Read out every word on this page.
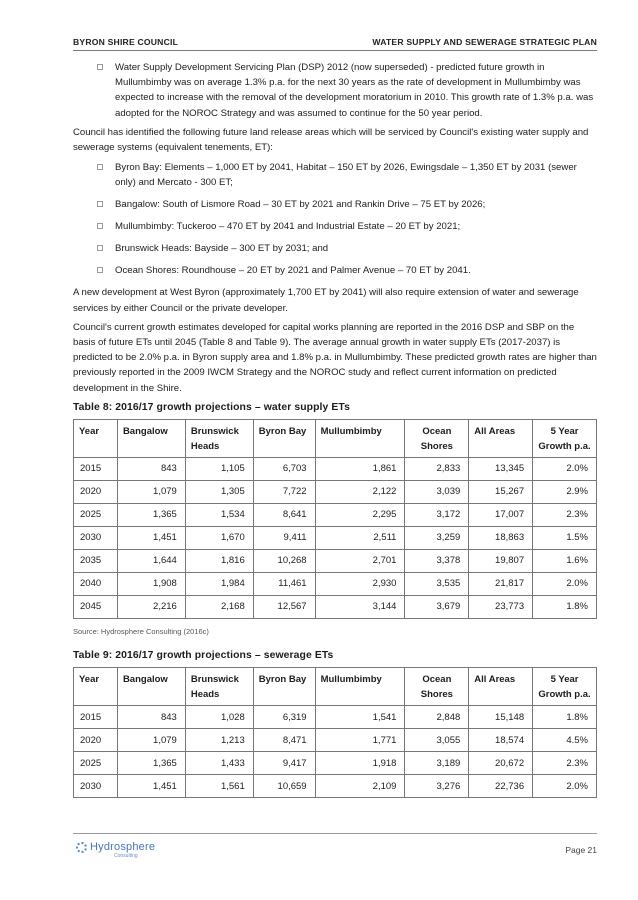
BYRON SHIRE COUNCIL	WATER SUPPLY AND SEWERAGE STRATEGIC PLAN
Water Supply Development Servicing Plan (DSP) 2012 (now superseded) - predicted future growth in Mullumbimby was on average 1.3% p.a. for the next 30 years as the rate of development in Mullumbimby was expected to increase with the removal of the development moratorium in 2010. This growth rate of 1.3% p.a. was adopted for the NOROC Strategy and was assumed to continue for the 50 year period.

Council has identified the following future land release areas which will be serviced by Council's existing water supply and sewerage systems (equivalent tenements, ET):

Byron Bay: Elements – 1,000 ET by 2041, Habitat – 150 ET by 2026, Ewingsdale – 1,350 ET by 2031 (sewer only) and Mercato - 300 ET;
Bangalow: South of Lismore Road – 30 ET by 2021 and Rankin Drive – 75 ET by 2026;
Mullumbimby: Tuckeroo – 470 ET by 2041 and Industrial Estate – 20 ET by 2021;
Brunswick Heads: Bayside – 300 ET by 2031; and
Ocean Shores: Roundhouse – 20 ET by 2021 and Palmer Avenue – 70 ET by 2041.

A new development at West Byron (approximately 1,700 ET by 2041) will also require extension of water and sewerage services by either Council or the private developer.

Council's current growth estimates developed for capital works planning are reported in the 2016 DSP and SBP on the basis of future ETs until 2045 (Table 8 and Table 9). The average annual growth in water supply ETs (2017-2037) is predicted to be 2.0% p.a. in Byron supply area and 1.8% p.a. in Mullumbimby. These predicted growth rates are higher than previously reported in the 2009 IWCM Strategy and the NOROC study and reflect current information on predicted development in the Shire.

Table 8: 2016/17 growth projections – water supply ETs
Year	Bangalow	Brunswick Heads	Byron Bay	Mullumbimby	Ocean Shores	All Areas	5 Year Growth p.a.
2015	843	1,105	6,703	1,861	2,833	13,345	2.0%
2020	1,079	1,305	7,722	2,122	3,039	15,267	2.9%
2025	1,365	1,534	8,641	2,295	3,172	17,007	2.3%
2030	1,451	1,670	9,411	2,511	3,259	18,863	1.5%
2035	1,644	1,816	10,268	2,701	3,378	19,807	1.6%
2040	1,908	1,984	11,461	2,930	3,535	21,817	2.0%
2045	2,216	2,168	12,567	3,144	3,679	23,773	1.8%
Source: Hydrosphere Consulting (2016c)
Table 9: 2016/17 growth projections – sewerage ETs
Year	Bangalow	Brunswick Heads	Byron Bay	Mullumbimby	Ocean Shores	All Areas	5 Year Growth p.a.
2015	843	1,028	6,319	1,541	2,848	15,148	1.8%
2020	1,079	1,213	8,471	1,771	3,055	18,574	4.5%
2025	1,365	1,433	9,417	1,918	3,189	20,672	2.3%
2030	1,451	1,561	10,659	2,109	3,276	22,736	2.0%
Hydrosphere
Consulting
Page 21
